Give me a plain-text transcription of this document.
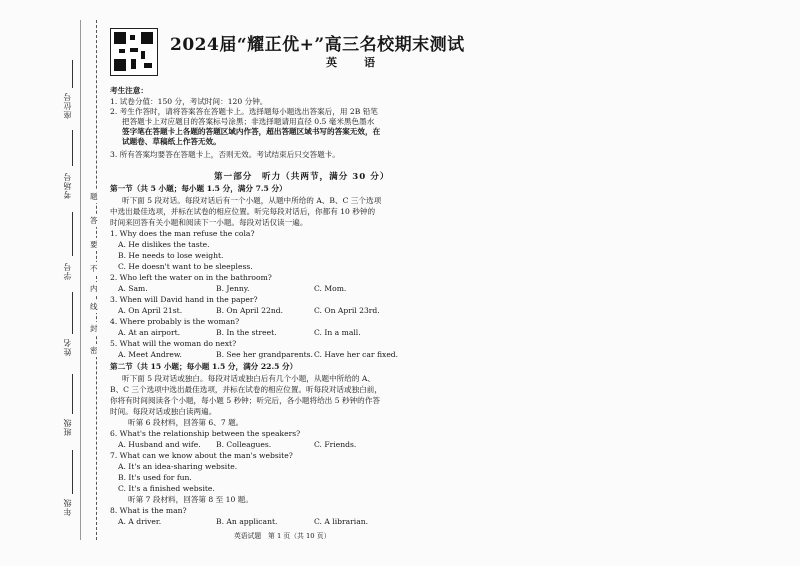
座位号
考场号
学号
姓名
班级
年级
题
答
要
不
内
线
封
密
2024届“耀正优+”高三名校期末测试
英　语
考生注意：
1. 试卷分值：150 分，考试时间：120 分钟。
2. 考生作答时，请将答案答在答题卡上。选择题每小题选出答案后，用 2B 铅笔
把答题卡上对应题目的答案标号涂黑；非选择题请用直径 0.5 毫米黑色墨水
签字笔在答题卡上各题的答题区域内作答，超出答题区域书写的答案无效，在
试题卷、草稿纸上作答无效。
3. 所有答案均要答在答题卡上，否则无效。考试结束后只交答题卡。
第一部分　听力（共两节，满分 30 分）
第一节（共 5 小题；每小题 1.5 分，满分 7.5 分）
听下面 5 段对话。每段对话后有一个小题，从题中所给的 A、B、C 三个选项
中选出最佳选项，并标在试卷的相应位置。听完每段对话后，你都有 10 秒钟的
时间来回答有关小题和阅读下一小题。每段对话仅读一遍。
1. Why does the man refuse the cola?
A. He dislikes the taste.
B. He needs to lose weight.
C. He doesn't want to be sleepless.
2. Who left the water on in the bathroom?
A. Sam.	B. Jenny.	C. Mom.
3. When will David hand in the paper?
A. On April 21st.	B. On April 22nd.	C. On April 23rd.
4. Where probably is the woman?
A. At an airport.	B. In the street.	C. In a mall.
5. What will the woman do next?
A. Meet Andrew.	B. See her grandparents. C. Have her car fixed.
第二节（共 15 小题；每小题 1.5 分，满分 22.5 分）
听下面 5 段对话或独白。每段对话或独白后有几个小题，从题中所给的 A、
B、C 三个选项中选出最佳选项，并标在试卷的相应位置。听每段对话或独白前，
你将有时间阅读各个小题，每小题 5 秒钟；听完后，各小题将给出 5 秒钟的作答
时间。每段对话或独白读两遍。
听第 6 段材料，回答第 6、7 题。
6. What's the relationship between the speakers?
A. Husband and wife. B. Colleagues.	C. Friends.
7. What can we know about the man's website?
A. It's an idea-sharing website.
B. It's used for fun.
C. It's a finished website.
听第 7 段材料，回答第 8 至 10 题。
8. What is the man?
A. A driver.	B. An applicant.	C. A librarian.
英语试题　第 1 页（共 10 页）
